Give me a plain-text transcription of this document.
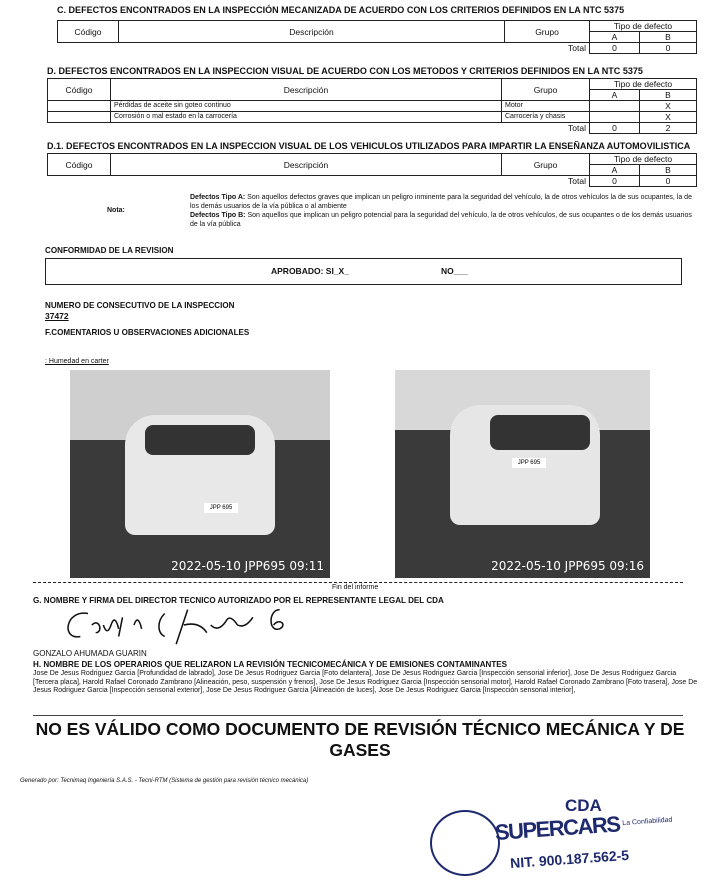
C. DEFECTOS ENCONTRADOS EN LA INSPECCIÓN MECANIZADA DE ACUERDO CON LOS CRITERIOS DEFINIDOS EN LA NTC 5375
Código	Descripción	Grupo	Tipo de defecto	
			A	B
		Total	0	0
D. DEFECTOS ENCONTRADOS EN LA INSPECCION VISUAL DE ACUERDO CON LOS METODOS Y CRITERIOS DEFINIDOS EN LA NTC 5375
Código	Descripción	Grupo	Tipo de defecto	
			A	B
	Pérdidas de aceite sin goteo continuo	Motor		X
	Corrosión o mal estado en la carrocería	Carrocería y chasis		X
		Total	0	2
D.1. DEFECTOS ENCONTRADOS EN LA INSPECCION VISUAL DE LOS VEHICULOS UTILIZADOS PARA IMPARTIR LA ENSEÑANZA AUTOMOVILISTICA
Código	Descripción	Grupo	Tipo de defecto	
			A	B
		Total	0	0
Nota:
Defectos Tipo A: Son aquellos defectos graves que implican un peligro inminente para la seguridad del vehículo, la de otros vehículos la de sus ocupantes, la de los demás usuarios de la vía pública o al ambiente
Defectos Tipo B: Son aquellos que implican un peligro potencial para la seguridad del vehículo, la de otros vehículos, de sus ocupantes o de los demás usuarios de la vía pública
CONFORMIDAD DE LA REVISION
APROBADO: SI_X_	NO___
NUMERO DE CONSECUTIVO DE LA INSPECCION
37472
F.COMENTARIOS U OBSERVACIONES ADICIONALES
: Humedad en carter
JPP 695
2022-05-10 JPP695 09:11
JPP 695
2022-05-10 JPP695 09:16
Fin del informe
G. NOMBRE Y FIRMA DEL DIRECTOR TECNICO AUTORIZADO POR EL REPRESENTANTE LEGAL DEL CDA
GONZALO AHUMADA GUARIN
H. NOMBRE DE LOS OPERARIOS QUE RELIZARON LA REVISIÓN TECNICOMECÁNICA Y DE EMISIONES CONTAMINANTES
Jose De Jesus Rodriguez Garcia [Profundidad de labrado], Jose De Jesus Rodriguez Garcia [Foto delantera], Jose De Jesus Rodriguez Garcia [Inspección sensorial inferior], Jose De Jesus Rodriguez Garcia [Tercera placa], Harold Rafael Coronado Zambrano [Alineación, peso, suspensión y frenos], Jose De Jesus Rodriguez Garcia [Inspección sensorial motor], Harold Rafael Coronado Zambrano [Foto trasera], Jose De Jesus Rodriguez Garcia [Inspección sensorial exterior], Jose De Jesus Rodriguez Garcia [Alineación de luces], Jose De Jesus Rodriguez Garcia [Inspección sensorial interior],
NO ES VÁLIDO COMO DOCUMENTO DE REVISIÓN TÉCNICO MECÁNICA Y DE GASES
Generado por: Tecnimaq Ingeniería S.A.S. - Tecni-RTM (Sistema de gestión para revisión técnico mecánica)
CDA
SUPERCARS La Confiabilidad
NIT. 900.187.562-5
